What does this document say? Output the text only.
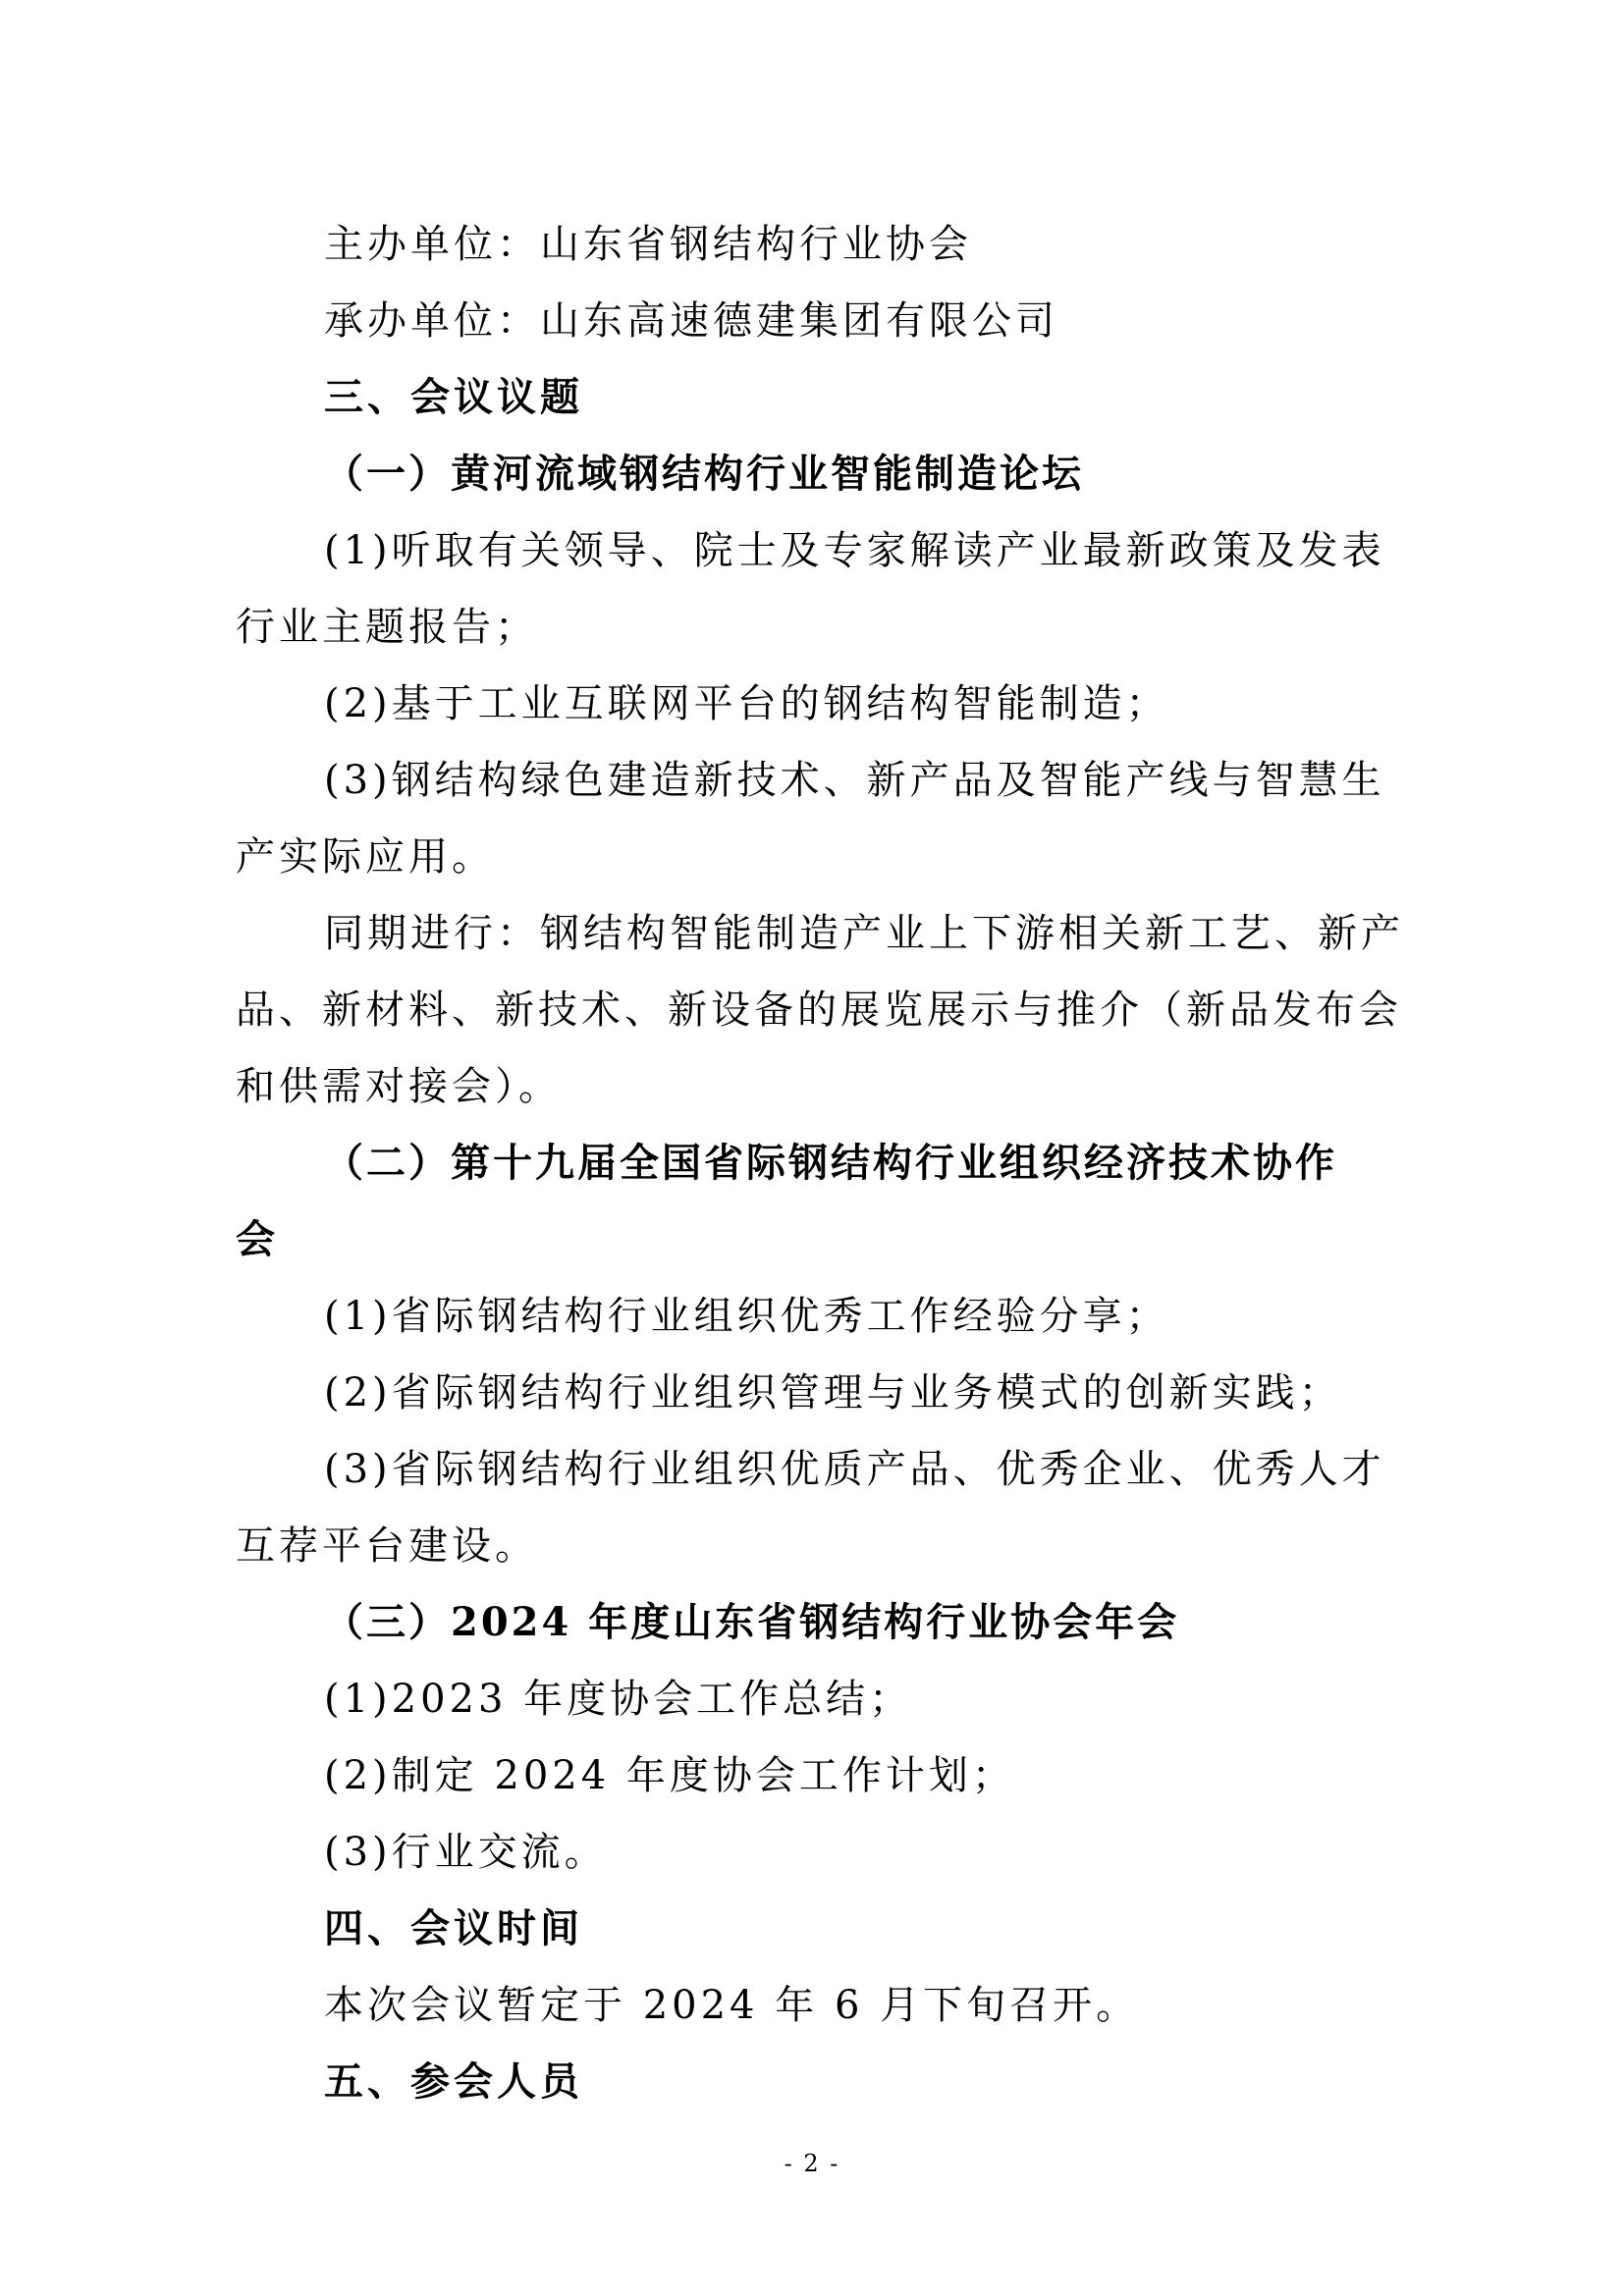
主办单位：山东省钢结构行业协会
承办单位：山东高速德建集团有限公司
三、会议议题
（一）黄河流域钢结构行业智能制造论坛
(1)听取有关领导、院士及专家解读产业最新政策及发表
行业主题报告；
(2)基于工业互联网平台的钢结构智能制造；
(3)钢结构绿色建造新技术、新产品及智能产线与智慧生
产实际应用。
同期进行：钢结构智能制造产业上下游相关新工艺、新产
品、新材料、新技术、新设备的展览展示与推介（新品发布会
和供需对接会）。
（二）第十九届全国省际钢结构行业组织经济技术协作
会
(1)省际钢结构行业组织优秀工作经验分享；
(2)省际钢结构行业组织管理与业务模式的创新实践；
(3)省际钢结构行业组织优质产品、优秀企业、优秀人才
互荐平台建设。
（三）2024 年度山东省钢结构行业协会年会
(1)2023 年度协会工作总结；
(2)制定 2024 年度协会工作计划；
(3)行业交流。
四、会议时间
本次会议暂定于 2024 年 6 月下旬召开。
五、参会人员
- 2 -
